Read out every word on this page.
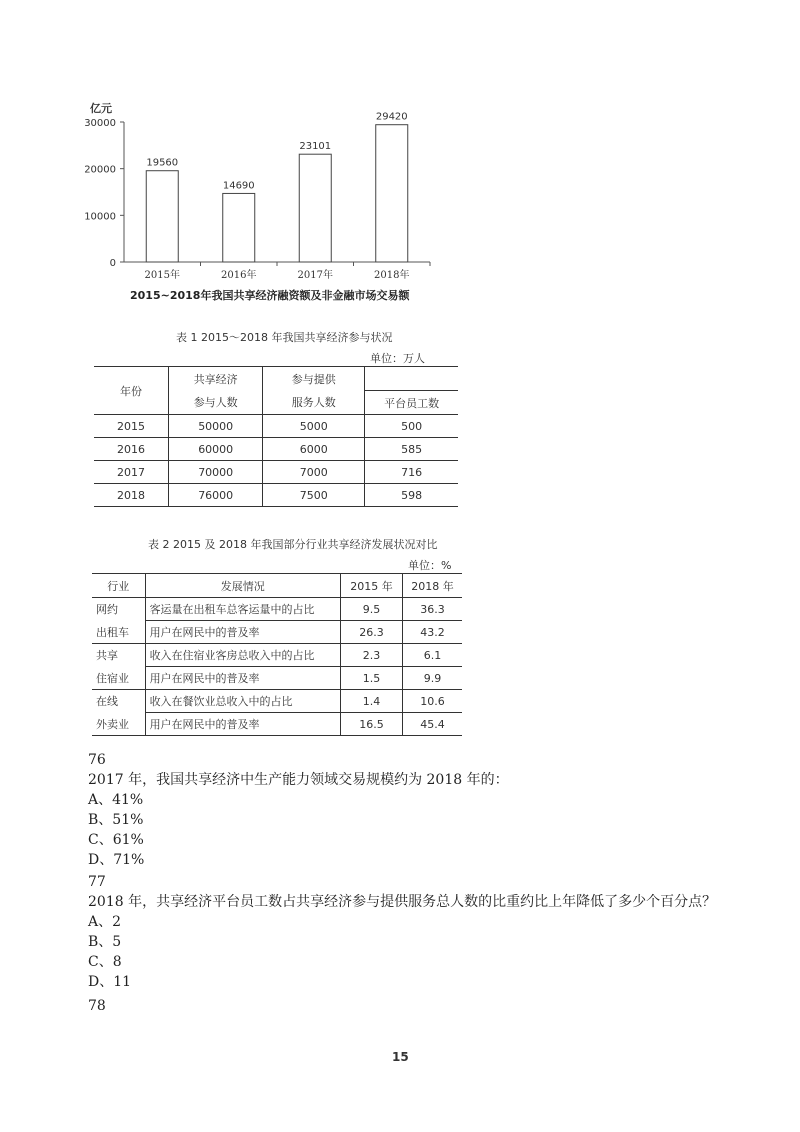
亿元
30000
20000
10000
0
19560
2015年
14690
2016年
23101
2017年
29420
2018年
2015~2018年我国共享经济融资额及非金融市场交易额
表 1 2015～2018 年我国共享经济参与状况
单位：万人
年份	共享经济	参与提供	
	参与人数	服务人数	平台员工数
2015	50000	5000	500
2016	60000	6000	585
2017	70000	7000	716
2018	76000	7500	598
表 2 2015 及 2018 年我国部分行业共享经济发展状况对比
单位：%
行业	发展情况	2015 年	2018 年
网约	客运量在出租车总客运量中的占比	9.5	36.3
出租车	用户在网民中的普及率	26.3	43.2
共享	收入在住宿业客房总收入中的占比	2.3	6.1
住宿业	用户在网民中的普及率	1.5	9.9
在线	收入在餐饮业总收入中的占比	1.4	10.6
外卖业	用户在网民中的普及率	16.5	45.4
76
2017 年，我国共享经济中生产能力领域交易规模约为 2018 年的：
A、41%
B、51%
C、61%
D、71%
77
2018 年，共享经济平台员工数占共享经济参与提供服务总人数的比重约比上年降低了多少个百分点？
A、2
B、5
C、8
D、11
78
15
